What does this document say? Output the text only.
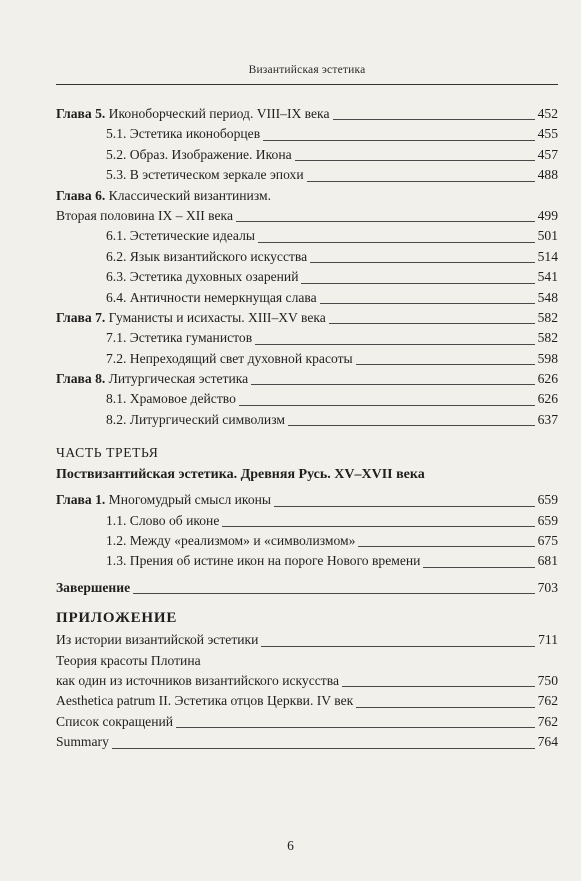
Византийская эстетика
Глава 5. Иконоборческий период. VIII–IX века	452
5.1. Эстетика иконоборцев	455
5.2. Образ. Изображение. Икона	457
5.3. В эстетическом зеркале эпохи	488
Глава 6. Классический византинизм.
Вторая половина IX – XII века	499
6.1. Эстетические идеалы	501
6.2. Язык византийского искусства	514
6.3. Эстетика духовных озарений	541
6.4. Античности немеркнущая слава	548
Глава 7. Гуманисты и исихасты. XIII–XV века	582
7.1. Эстетика гуманистов	582
7.2. Непреходящий свет духовной красоты	598
Глава 8. Литургическая эстетика	626
8.1. Храмовое действо	626
8.2. Литургический символизм	637
ЧАСТЬ ТРЕТЬЯ
Поствизантийская эстетика. Древняя Русь. XV–XVII века
Глава 1. Многомудрый смысл иконы	659
1.1. Слово об иконе	659
1.2. Между «реализмом» и «символизмом»	675
1.3. Прения об истине икон на пороге Нового времени	681
Завершение	703
ПРИЛОЖЕНИЕ
Из истории византийской эстетики	711
Теория красоты Плотина
как один из источников византийского искусства	750
Aesthetica patrum II. Эстетика отцов Церкви. IV век	762
Список сокращений	762
Summary	764
6
